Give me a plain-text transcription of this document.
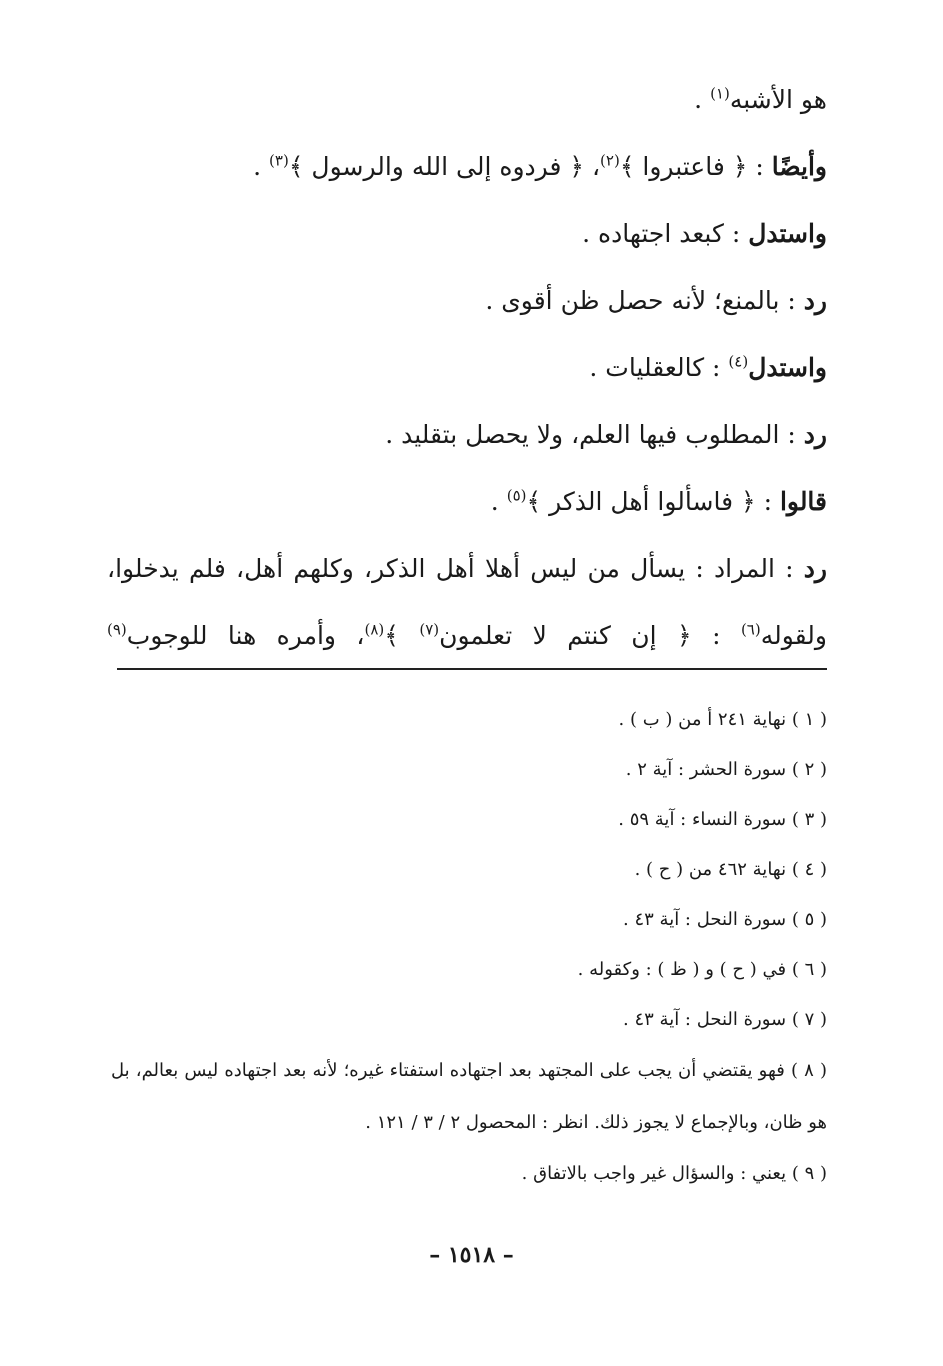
هو الأشبه$^{(١)}$ .
وأيضًا : ﴿ فاعتبروا ﴾$^{(٢)}$، ﴿ فردوه إلى الله والرسول ﴾$^{(٣)}$ .
واستدل : كبعد اجتهاده .
رد : بالمنع؛ لأنه حصل ظن أقوى .
واستدل$^{(٤)}$ : كالعقليات .
رد : المطلوب فيها العلم، ولا يحصل بتقليد .
قالوا : ﴿ فاسألوا أهل الذكر ﴾$^{(٥)}$ .
رد : المراد : يسأل من ليس أهلا أهل الذكر، وكلهم أهل، فلم يدخلوا،
ولقوله$^{(٦)}$ : ﴿ إن كنتم لا تعلمون$^{(٧)}$ ﴾$^{(٨)}$، وأمره هنا للوجوب$^{(٩)}$
( ١ ) نهاية ٢٤١ أ من ( ب ) .
( ٢ ) سورة الحشر : آية ٢ .
( ٣ ) سورة النساء : آية ٥٩ .
( ٤ ) نهاية ٤٦٢ من ( ح ) .
( ٥ ) سورة النحل : آية ٤٣ .
( ٦ ) في ( ح ) و ( ظ ) : وكقوله .
( ٧ ) سورة النحل : آية ٤٣ .
( ٨ ) فهو يقتضي أن يجب على المجتهد بعد اجتهاده استفتاء غيره؛ لأنه بعد اجتهاده ليس بعالم، بل هو ظان، وبالإجماع لا يجوز ذلك. انظر : المحصول ٢ / ٣ / ١٢١ .
( ٩ ) يعني : والسؤال غير واجب بالاتفاق .
– ١٥١٨ –
